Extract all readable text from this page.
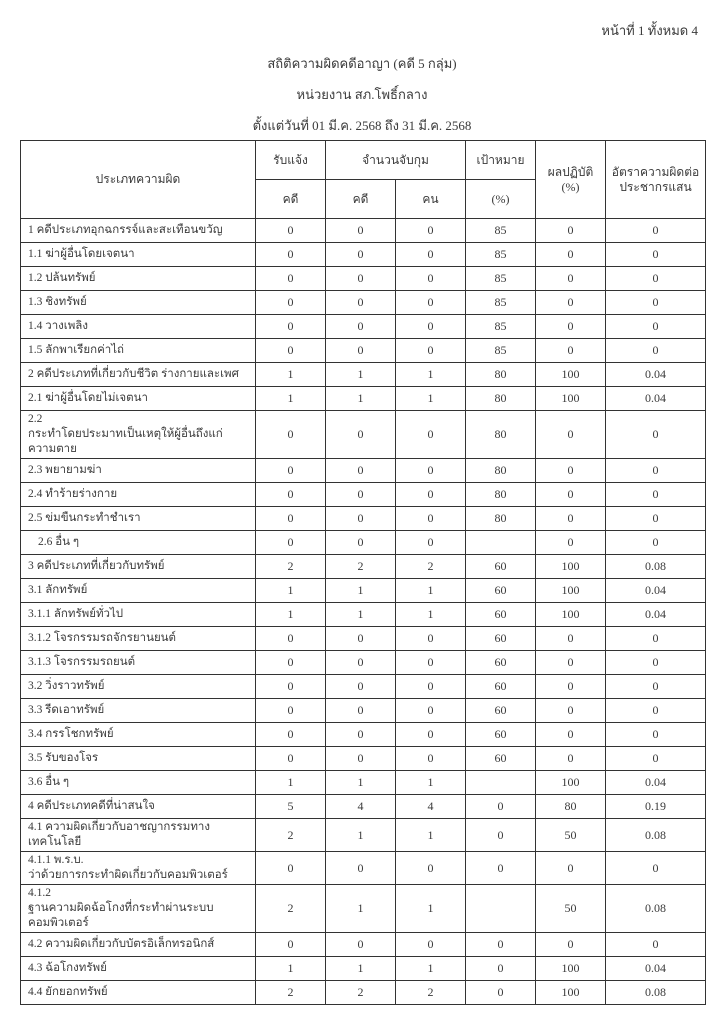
หน้าที่ 1 ทั้งหมด 4
สถิติความผิดคดีอาญา (คดี 5 กลุ่ม)
หน่วยงาน สภ.โพธิ์กลาง
ตั้งแต่วันที่ 01 มี.ค. 2568 ถึง 31 มี.ค. 2568
ประเภทความผิด	รับแจ้ง	จำนวนจับกุม		เป้าหมาย	ผลปฏิบัติ (%)	อัตราความผิดต่อประชากรแสน
	คดี	คดี	คน	(%)		
1 คดีประเภทอุกฉกรรจ์และสะเทือนขวัญ	0	0	0	85	0	0
1.1 ฆ่าผู้อื่นโดยเจตนา	0	0	0	85	0	0
1.2 ปล้นทรัพย์	0	0	0	85	0	0
1.3 ชิงทรัพย์	0	0	0	85	0	0
1.4 วางเพลิง	0	0	0	85	0	0
1.5 ลักพาเรียกค่าไถ่	0	0	0	85	0	0
2 คดีประเภทที่เกี่ยวกับชีวิต ร่างกายและเพศ	1	1	1	80	100	0.04
2.1 ฆ่าผู้อื่นโดยไม่เจตนา	1	1	1	80	100	0.04
2.2
กระทำโดยประมาทเป็นเหตุให้ผู้อื่นถึงแก่ความตาย	0	0	0	80	0	0
2.3 พยายามฆ่า	0	0	0	80	0	0
2.4 ทำร้ายร่างกาย	0	0	0	80	0	0
2.5 ข่มขืนกระทำชำเรา	0	0	0	80	0	0
2.6 อื่น ๆ	0	0	0		0	0
3 คดีประเภทที่เกี่ยวกับทรัพย์	2	2	2	60	100	0.08
3.1 ลักทรัพย์	1	1	1	60	100	0.04
3.1.1 ลักทรัพย์ทั่วไป	1	1	1	60	100	0.04
3.1.2 โจรกรรมรถจักรยานยนต์	0	0	0	60	0	0
3.1.3 โจรกรรมรถยนต์	0	0	0	60	0	0
3.2 วิ่งราวทรัพย์	0	0	0	60	0	0
3.3 รีดเอาทรัพย์	0	0	0	60	0	0
3.4 กรรโชกทรัพย์	0	0	0	60	0	0
3.5 รับของโจร	0	0	0	60	0	0
3.6 อื่น ๆ	1	1	1		100	0.04
4 คดีประเภทคดีที่น่าสนใจ	5	4	4	0	80	0.19
4.1 ความผิดเกี่ยวกับอาชญากรรมทางเทคโนโลยี	2	1	1	0	50	0.08
4.1.1 พ.ร.บ.
ว่าด้วยการกระทำผิดเกี่ยวกับคอมพิวเตอร์	0	0	0	0	0	0
4.1.2
ฐานความผิดฉ้อโกงที่กระทำผ่านระบบคอมพิวเตอร์	2	1	1		50	0.08
4.2 ความผิดเกี่ยวกับบัตรอิเล็กทรอนิกส์	0	0	0	0	0	0
4.3 ฉ้อโกงทรัพย์	1	1	1	0	100	0.04
4.4 ยักยอกทรัพย์	2	2	2	0	100	0.08
